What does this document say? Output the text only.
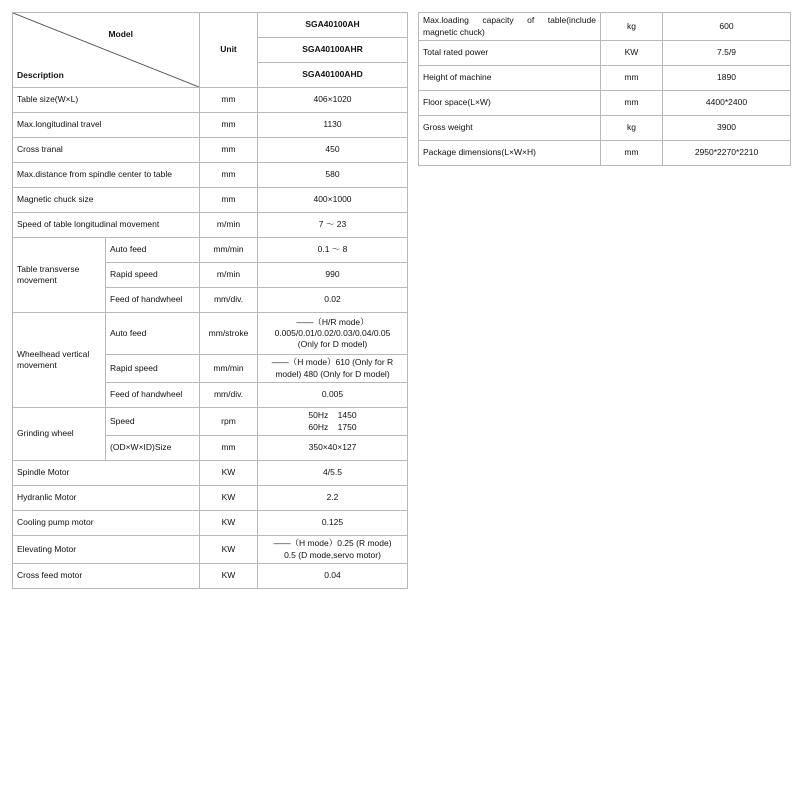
Model
Description		Unit	SGA40100AH
			SGA40100AHR
			SGA40100AHD
Table size(W×L)		mm	406×1020
Max.longitudinal travel		mm	1130
Cross tranal		mm	450
Max.distance from spindle center to table		mm	580
Magnetic chuck size		mm	400×1000
Speed of table longitudinal movement		m/min	7 ～ 23
Table transverse movement	Auto feed	mm/min	0.1 ～ 8
	Rapid speed	m/min	990
	Feed of handwheel	mm/div.	0.02
Wheelhead vertical movement	Auto feed	mm/stroke	——（H/R mode）
0.005/0.01/0.02/0.03/0.04/0.05
(Only for D model)

	Rapid speed	mm/min	——（H mode）610 (Only for R
model) 480 (Only for D model)

	Feed of handwheel	mm/div.	0.005
Grinding wheel	Speed	rpm	50Hz    1450
60Hz    1750

	(OD×W×ID)Size	mm	350×40×127
Spindle Motor		KW	4/5.5
Hydranlic Motor		KW	2.2
Cooling pump motor		KW	0.125
Elevating Motor		KW	——（H mode）0.25 (R mode)
0.5 (D mode,servo motor)

Cross feed motor		KW	0.04
Max.loading capacity of table(include magnetic chuck)	kg	600
Total rated power	KW	7.5/9
Height of machine	mm	1890
Floor space(L×W)	mm	4400*2400
Gross weight	kg	3900
Package dimensions(L×W×H)	mm	2950*2270*2210
